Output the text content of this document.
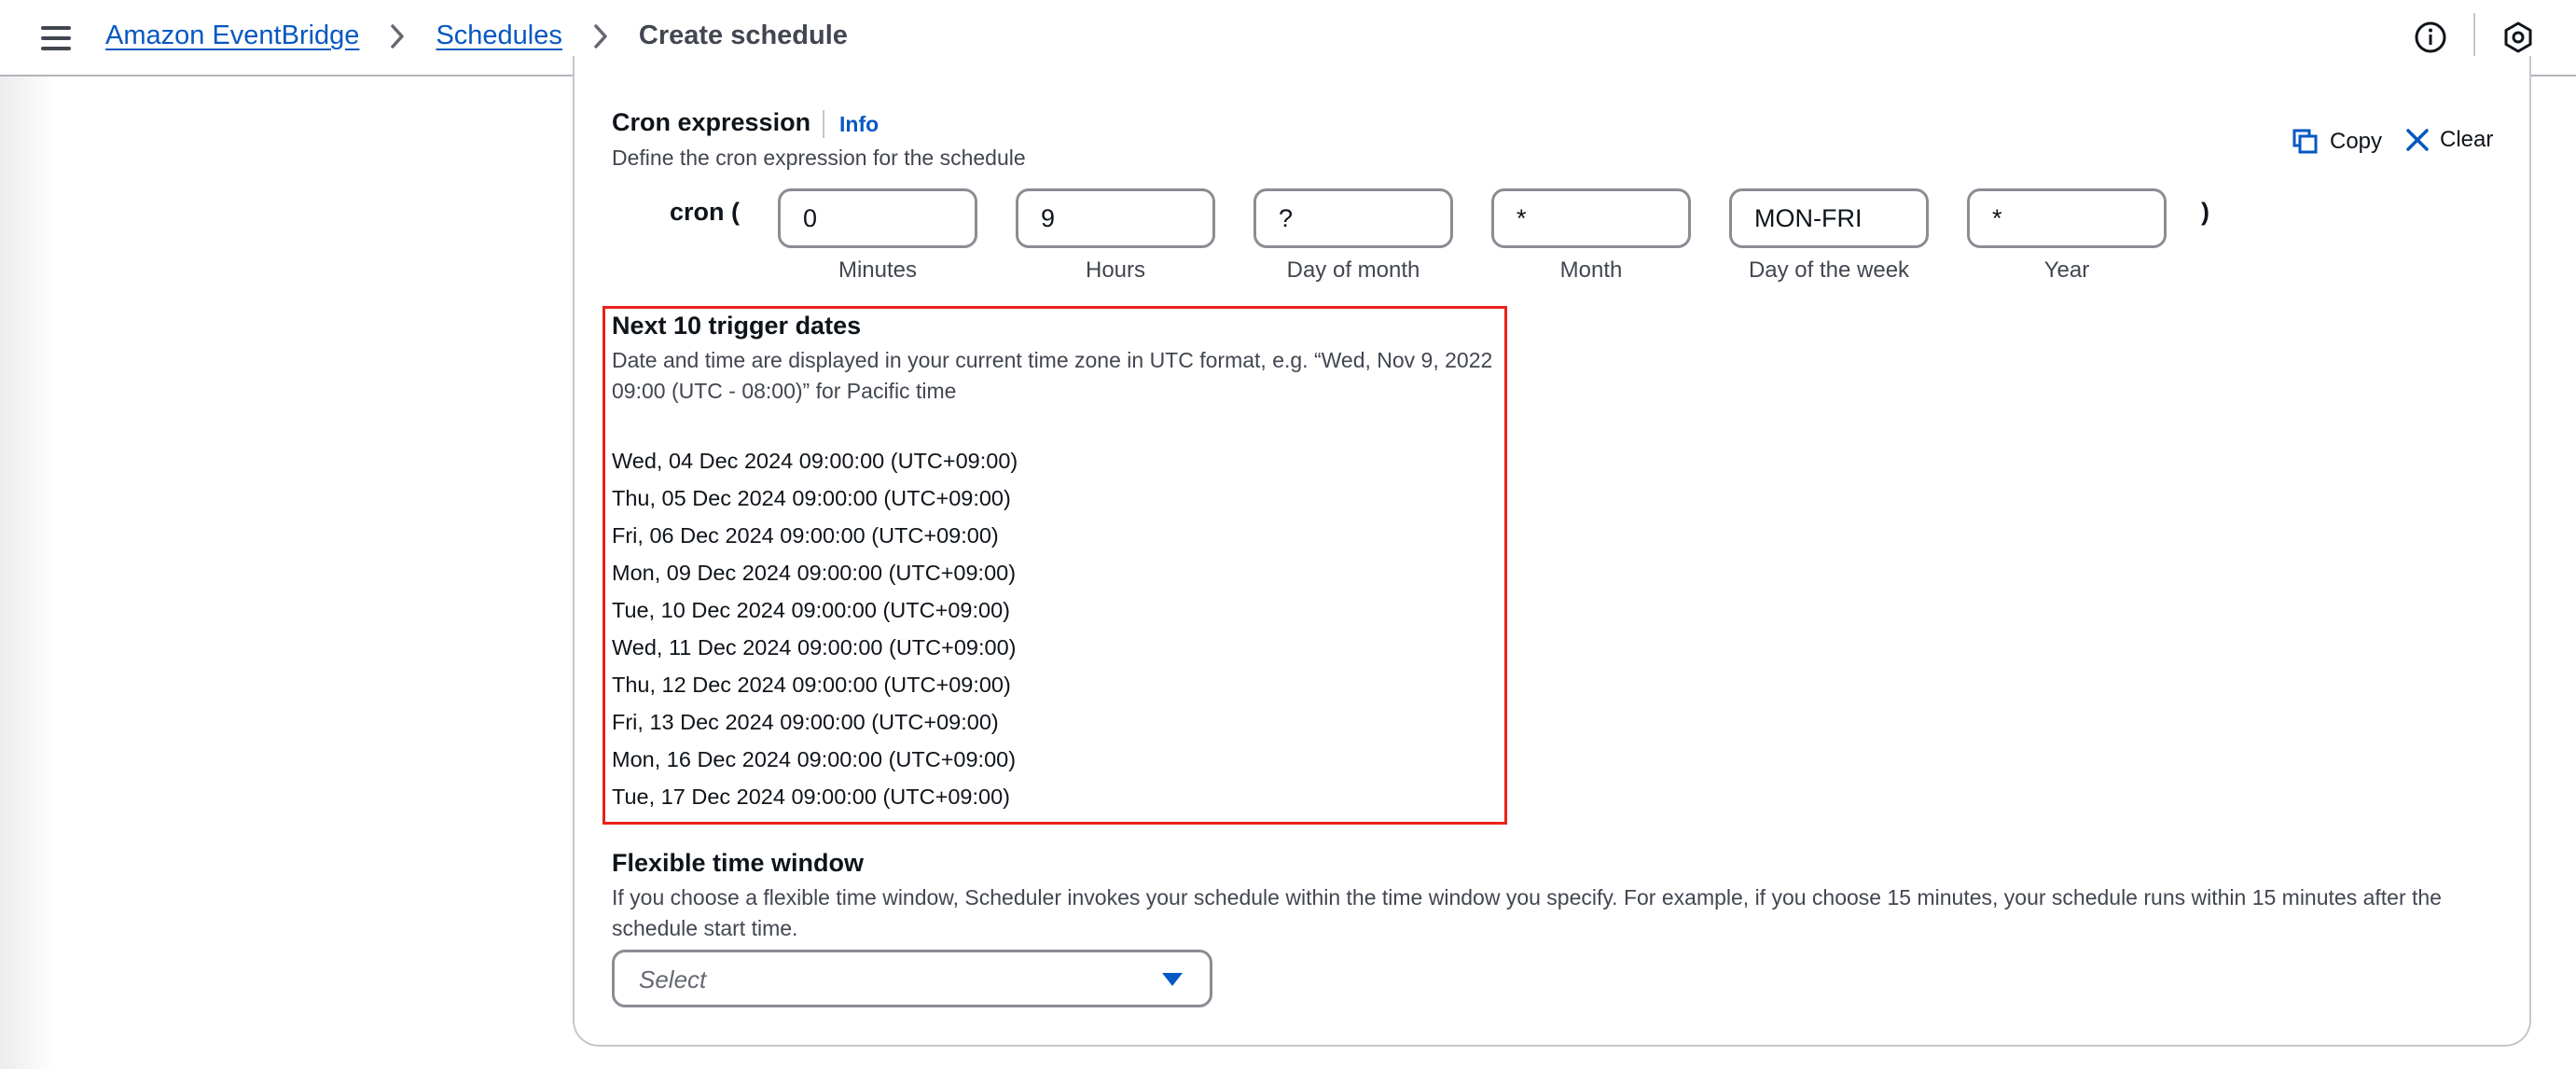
Amazon EventBridge	Schedules	Create schedule
Cron expression Info
Define the cron expression for the schedule
Copy	Clear
cron (
0
Minutes
9	Hours
?	Day of month
*	Month
MON-FRI	Day of the week
*	Year
)
Next 10 trigger dates
Date and time are displayed in your current time zone in UTC format, e.g. “Wed, Nov 9, 2022 09:00 (UTC - 08:00)” for Pacific time
Wed, 04 Dec 2024 09:00:00 (UTC+09:00)
Thu, 05 Dec 2024 09:00:00 (UTC+09:00)
Fri, 06 Dec 2024 09:00:00 (UTC+09:00)
Mon, 09 Dec 2024 09:00:00 (UTC+09:00)
Tue, 10 Dec 2024 09:00:00 (UTC+09:00)
Wed, 11 Dec 2024 09:00:00 (UTC+09:00)
Thu, 12 Dec 2024 09:00:00 (UTC+09:00)
Fri, 13 Dec 2024 09:00:00 (UTC+09:00)
Mon, 16 Dec 2024 09:00:00 (UTC+09:00)
Tue, 17 Dec 2024 09:00:00 (UTC+09:00)
Flexible time window
If you choose a flexible time window, Scheduler invokes your schedule within the time window you specify. For example, if you choose 15 minutes, your schedule runs within 15 minutes after the schedule start time.
Select
